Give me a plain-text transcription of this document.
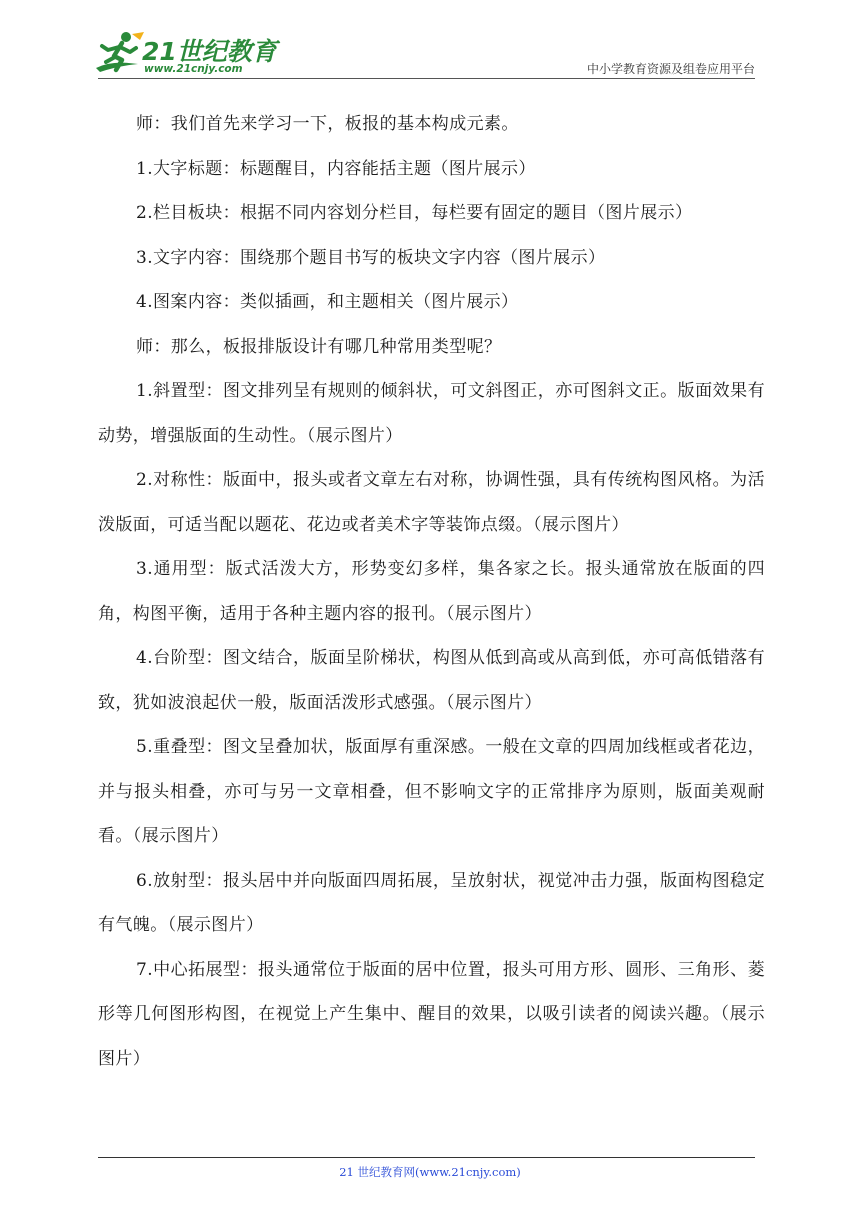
21世纪教育
www.21cnjy.com	中小学教育资源及组卷应用平台

师：我们首先来学习一下，板报的基本构成元素。

1.大字标题：标题醒目，内容能括主题（图片展示）

2.栏目板块：根据不同内容划分栏目，每栏要有固定的题目（图片展示）

3.文字内容：围绕那个题目书写的板块文字内容（图片展示）

4.图案内容：类似插画，和主题相关（图片展示）

师：那么，板报排版设计有哪几种常用类型呢？

1.斜置型：图文排列呈有规则的倾斜状，可文斜图正，亦可图斜文正。版面效果有动势，增强版面的生动性。（展示图片）

2.对称性：版面中，报头或者文章左右对称，协调性强，具有传统构图风格。为活泼版面，可适当配以题花、花边或者美术字等装饰点缀。（展示图片）

3.通用型：版式活泼大方，形势变幻多样，集各家之长。报头通常放在版面的四角，构图平衡，适用于各种主题内容的报刊。（展示图片）

4.台阶型：图文结合，版面呈阶梯状，构图从低到高或从高到低，亦可高低错落有致，犹如波浪起伏一般，版面活泼形式感强。（展示图片）

5.重叠型：图文呈叠加状，版面厚有重深感。一般在文章的四周加线框或者花边，并与报头相叠，亦可与另一文章相叠，但不影响文字的正常排序为原则，版面美观耐看。（展示图片）

6.放射型：报头居中并向版面四周拓展，呈放射状，视觉冲击力强，版面构图稳定有气魄。（展示图片）

7.中心拓展型：报头通常位于版面的居中位置，报头可用方形、圆形、三角形、菱形等几何图形构图，在视觉上产生集中、醒目的效果，以吸引读者的阅读兴趣。（展示图片）

21 世纪教育网(www.21cnjy.com)
